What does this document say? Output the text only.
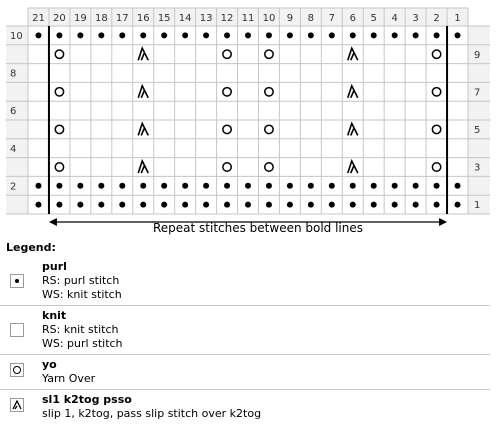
21 20 19 18 17 16 15 14 13 12 11 10 9 8 7 6 5 4 3 2 1
10
8
6
4
2
9
7
5
3
1
Repeat stitches between bold lines
Legend:
purl
RS: purl stitch
WS: knit stitch
knit
RS: knit stitch
WS: purl stitch
yo
Yarn Over
sl1 k2tog psso
slip 1, k2tog, pass slip stitch over k2tog
